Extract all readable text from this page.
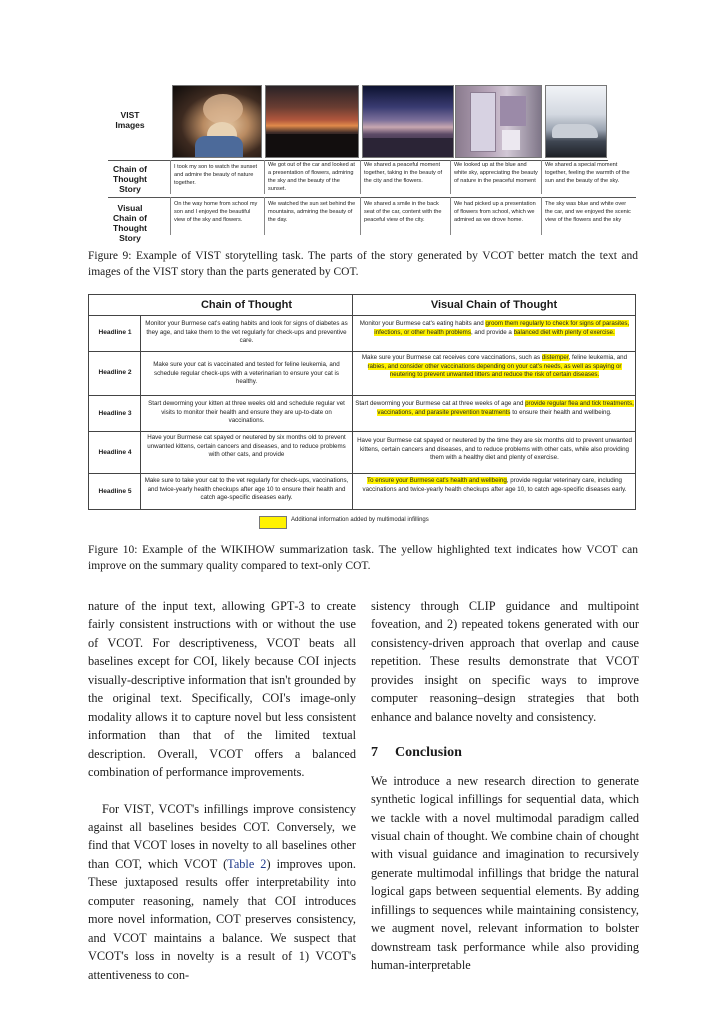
VIST Images
Chain of Thought Story
I took my son to watch the sunset and admire the beauty of nature together.
We got out of the car and looked at a presentation of flowers, admiring the sky and the beauty of the sunset.
We shared a peaceful moment together, taking in the beauty of the city and the flowers.
We looked up at the blue and white sky, appreciating the beauty of nature in the peaceful moment
We shared a special moment together, feeling the warmth of the sun and the beauty of the sky.
Visual Chain of Thought Story
On the way home from school my son and I enjoyed the beautiful view of the sky and flowers.
We watched the sun set behind the mountains, admiring the beauty of the day.
We shared a smile in the back seat of the car, content with the peaceful view of the city.
We had picked up a presentation of flowers from school, which we admired as we drove home.
The sky was blue and white over the car, and we enjoyed the scenic view of the flowers and the sky
Figure 9: Example of VIST storytelling task. The parts of the story generated by VCOT better match the text and images of the VIST story than the parts generated by COT.
Chain of Thought	Visual Chain of Thought
Headline 1
Monitor your Burmese cat's eating habits and look for signs of diabetes as they age, and take them to the vet regularly for check-ups and preventive care.
Monitor your Burmese cat's eating habits and groom them regularly to check for signs of parasites, infections, or other health problems, and provide a balanced diet with plenty of exercise.
Headline 2
Make sure your cat is vaccinated and tested for feline leukemia, and schedule regular check-ups with a veterinarian to ensure your cat is healthy.
Make sure your Burmese cat receives core vaccinations, such as distemper, feline leukemia, and rabies, and consider other vaccinations depending on your cat's needs, as well as spaying or neutering to prevent unwanted litters and reduce the risk of certain diseases.
Headline 3
Start deworming your kitten at three weeks old and schedule regular vet visits to monitor their health and ensure they are up-to-date on vaccinations.
Start deworming your Burmese cat at three weeks of age and provide regular flea and tick treatments, vaccinations, and parasite prevention treatments to ensure their health and wellbeing.
Headline 4
Have your Burmese cat spayed or neutered by six months old to prevent unwanted kittens, certain cancers and diseases, and to reduce problems with other cats, and provide
Have your Burmese cat spayed or neutered by the time they are six months old to prevent unwanted kittens, certain cancers and diseases, and to reduce problems with other cats, while also providing them with a healthy diet and plenty of exercise.
Headline 5
Make sure to take your cat to the vet regularly for check-ups, vaccinations, and twice-yearly health checkups after age 10 to ensure their health and catch age-specific diseases early.
To ensure your Burmese cat's health and wellbeing, provide regular veterinary care, including vaccinations and twice-yearly health checkups after age 10, to catch age-specific diseases early.
Additional information added by multimodal infillings
Figure 10: Example of the WIKIHOW summarization task. The yellow highlighted text indicates how VCOT can improve on the summary quality compared to text-only COT.

nature of the input text, allowing GPT-3 to create fairly consistent instructions with or without the use of VCOT. For descriptiveness, VCOT beats all baselines except for COI, likely because COI injects visually-descriptive information that isn't grounded by the original text. Specifically, COI's image-only modality allows it to capture novel but less consistent information than that of the limited textual description. Overall, VCOT offers a balanced combination of performance improvements.

For VIST, VCOT's infillings improve consistency against all baselines besides COT. Conversely, we find that VCOT loses in novelty to all baselines other than COT, which VCOT (Table 2) improves upon. These juxtaposed results offer interpretability into computer reasoning, namely that COI introduces more novel information, COT preserves consistency, and VCOT maintains a balance. We suspect that VCOT's loss in novelty is a result of 1) VCOT's attentiveness to con-

sistency through CLIP guidance and multipoint foveation, and 2) repeated tokens generated with our consistency-driven approach that overlap and cause repetition. These results demonstrate that VCOT provides insight on specific ways to improve computer reasoning–design strategies that both enhance and balance novelty and consistency.

7 Conclusion

We introduce a new research direction to generate synthetic logical infillings for sequential data, which we tackle with a novel multimodal paradigm called visual chain of thought. We combine chain of chought with visual guidance and imagination to recursively generate multimodal infillings that bridge the natural logical gaps between sequential elements. By adding infillings to sequences while maintaining consistency, we augment novel, relevant information to bolster downstream task performance while also providing human-interpretable
